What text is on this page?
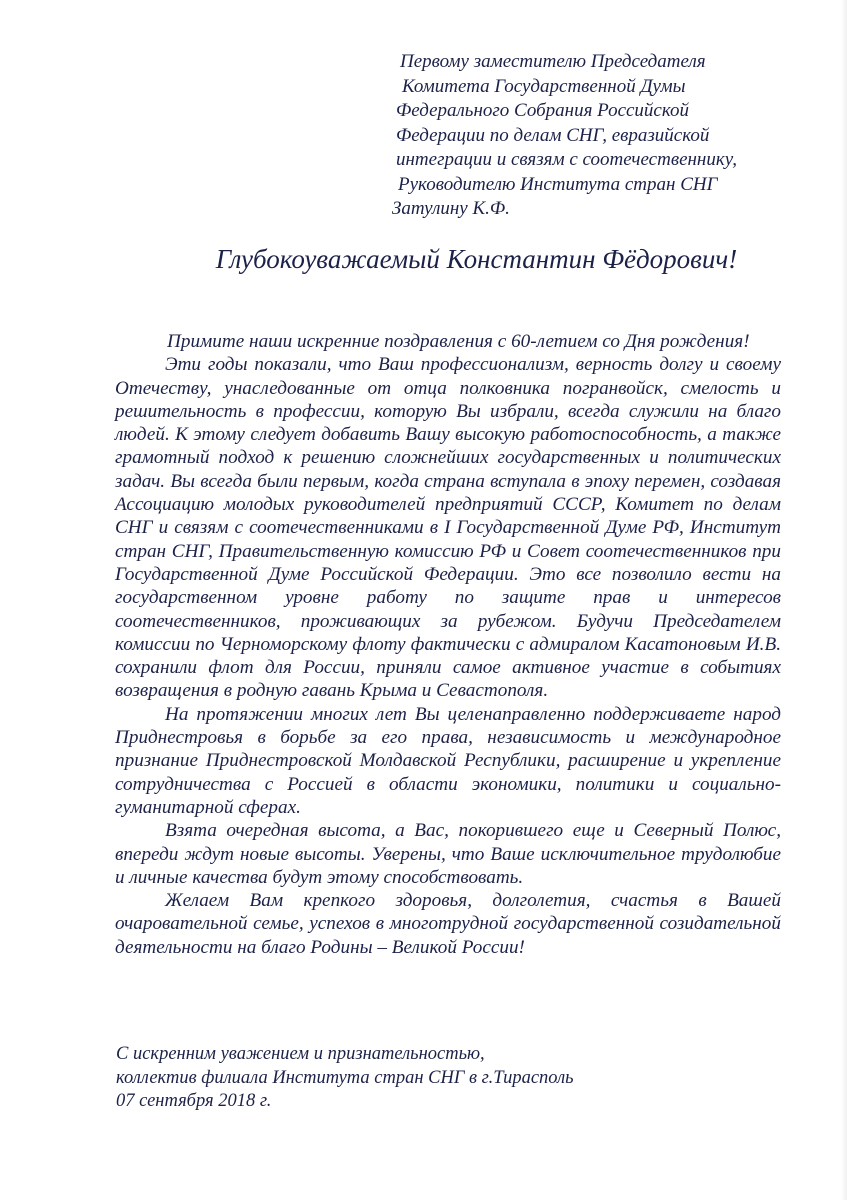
Первому заместителю Председателя
Комитета Государственной Думы
Федерального Собрания Российской
Федерации по делам СНГ, евразийской
интеграции и связям с соотечественнику,
Руководителю Института стран СНГ
Затулину К.Ф.
Глубокоуважаемый Константин Фёдорович!

Примите наши искренние поздравления с 60-летием со Дня рождения!

Эти годы показали, что Ваш профессионализм, верность долгу и своему Отечеству, унаследованные от отца полковника погранвойск, смелость и решительность в профессии, которую Вы избрали, всегда служили на благо людей. К этому следует добавить Вашу высокую работоспособность, а также грамотный подход к решению сложнейших государственных и политических задач. Вы всегда были первым, когда страна вступала в эпоху перемен, создавая Ассоциацию молодых руководителей предприятий СССР, Комитет по делам СНГ и связям с соотечественниками в I Государственной Думе РФ, Институт стран СНГ, Правительственную комиссию РФ и Совет соотечественников при Государственной Думе Российской Федерации. Это все позволило вести на государственном уровне работу по защите прав и интересов соотечественников, проживающих за рубежом. Будучи Председателем комиссии по Черноморскому флоту фактически с адмиралом Касатоновым И.В. сохранили флот для России, приняли самое активное участие в событиях возвращения в родную гавань Крыма и Севастополя.

На протяжении многих лет Вы целенаправленно поддерживаете народ Приднестровья в борьбе за его права, независимость и международное признание Приднестровской Молдавской Республики, расширение и укрепление сотрудничества с Россией в области экономики, политики и социально-гуманитарной сферах.

Взята очередная высота, а Вас, покорившего еще и Северный Полюс, впереди ждут новые высоты. Уверены, что Ваше исключительное трудолюбие и личные качества будут этому способствовать.

Желаем Вам крепкого здоровья, долголетия, счастья в Вашей очаровательной семье, успехов в многотрудной государственной созидательной деятельности на благо Родины – Великой России!

С искренним уважением и признательностью,
коллектив филиала Института стран СНГ в г.Тирасполь
07 сентября 2018 г.
